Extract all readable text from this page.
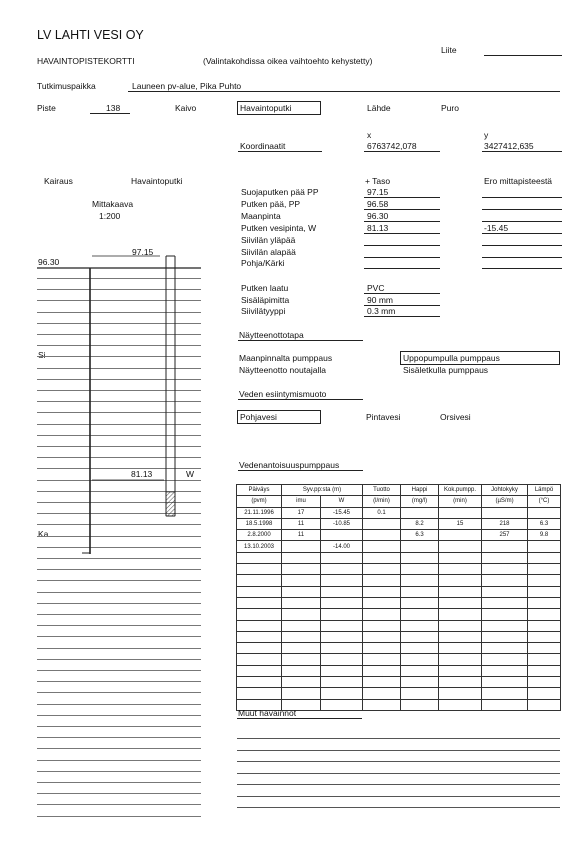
LV LAHTI VESI OY
Liite
HAVAINTOPISTEKORTTI	(Valintakohdissa oikea vaihtoehto kehystetty)
Tutkimuspaikka	Launeen pv-alue, Pika Puhto
Piste	138	Kaivo	Havaintoputki	Lähde	Puro
x	y
Koordinaatit	6763742,078	3427412,635
Kairaus	Havaintoputki
Mittakaava
1:200
97.15
96.30
Si
81.13	W
Ka
+ Taso	Ero mittapisteestä
Suojaputken pää PP	97.15
Putken pää, PP	96.58
Maanpinta	96.30
Putken vesipinta, W	81.13	-15.45
Siivilän yläpää
Siivilän alapää
Pohja/Kärki
Putken laatu	PVC
Sisäläpimitta	90 mm
Siivilätyyppi	0.3 mm
Näytteenottotapa
Maanpinnalta pumppaus
Näytteenotto noutajalla
Uppopumpulla pumppaus
Sisäletkulla pumppaus
Veden esiintymismuoto
Pohjavesi	Pintavesi	Orsivesi
Vedenantoisuuspumppaus
Päiväys	Syv.pp:sta (m)		Tuotto	Happi	Kok.pumpp.	Johtokyky	Lämpö
(pvm)	imu	W	(l/min)	(mg/l)	(min)	(µS/m)	(°C)
21.11.1996	17	-15.45	0.1				
18.5.1998	11	-10.85		8.2	15	218	6.3
2.8.2000	11			6.3		257	9.8
13.10.2003		-14.00					

Muut havainnot
